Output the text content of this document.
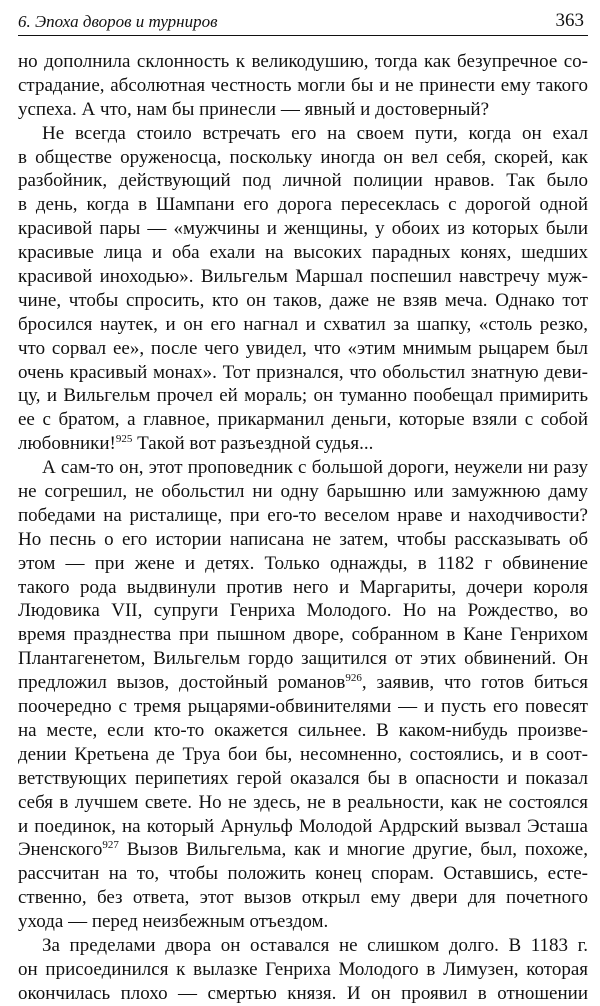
6. Эпоха дворов и турниров	363
но дополнила склонность к великодушию, тогда как безупречное со-
страдание, абсолютная честность могли бы и не принести ему такого
успеха. А что, нам бы принесли — явный и достоверный?
Не всегда стоило встречать его на своем пути, когда он ехал
в обществе оруженосца, поскольку иногда он вел себя, скорей, как
разбойник, действующий под личной полиции нравов. Так было
в день, когда в Шампани его дорога пересеклась с дорогой одной
красивой пары — «мужчины и женщины, у обоих из которых были
красивые лица и оба ехали на высоких парадных конях, шедших
красивой иноходью». Вильгельм Маршал поспешил навстречу муж-
чине, чтобы спросить, кто он таков, даже не взяв меча. Однако тот
бросился наутек, и он его нагнал и схватил за шапку, «столь резко,
что сорвал ее», после чего увидел, что «этим мнимым рыцарем был
очень красивый монах». Тот признался, что обольстил знатную деви-
цу, и Вильгельм прочел ей мораль; он туманно пообещал примирить
ее с братом, а главное, прикарманил деньги, которые взяли с собой
любовники!$^{925}$ Такой вот разъездной судья...
А сам-то он, этот проповедник с большой дороги, неужели ни разу
не согрешил, не обольстил ни одну барышню или замужнюю даму
победами на ристалище, при его-то веселом нраве и находчивости?
Но песнь о его истории написана не затем, чтобы рассказывать об
этом — при жене и детях. Только однажды, в 1182 г обвинение
такого рода выдвинули против него и Маргариты, дочери короля
Людовика VII, супруги Генриха Молодого. Но на Рождество, во
время празднества при пышном дворе, собранном в Кане Генрихом
Плантагенетом, Вильгельм гордо защитился от этих обвинений. Он
предложил вызов, достойный романов$^{926}$, заявив, что готов биться
поочередно с тремя рыцарями-обвинителями — и пусть его повесят
на месте, если кто-то окажется сильнее. В каком-нибудь произве-
дении Кретьена де Труа бои бы, несомненно, состоялись, и в соот-
ветствующих перипетиях герой оказался бы в опасности и показал
себя в лучшем свете. Но не здесь, не в реальности, как не состоялся
и поединок, на который Арнульф Молодой Ардрский вызвал Эсташа
Эненского$^{927}$ Вызов Вильгельма, как и многие другие, был, похоже,
рассчитан на то, чтобы положить конец спорам. Оставшись, есте-
ственно, без ответа, этот вызов открыл ему двери для почетного
ухода — перед неизбежным отъездом.
За пределами двора он оставался не слишком долго. В 1183 г.
он присоединился к вылазке Генриха Молодого в Лимузен, которая
окончилась плохо — смертью князя. И он проявил в отношении
